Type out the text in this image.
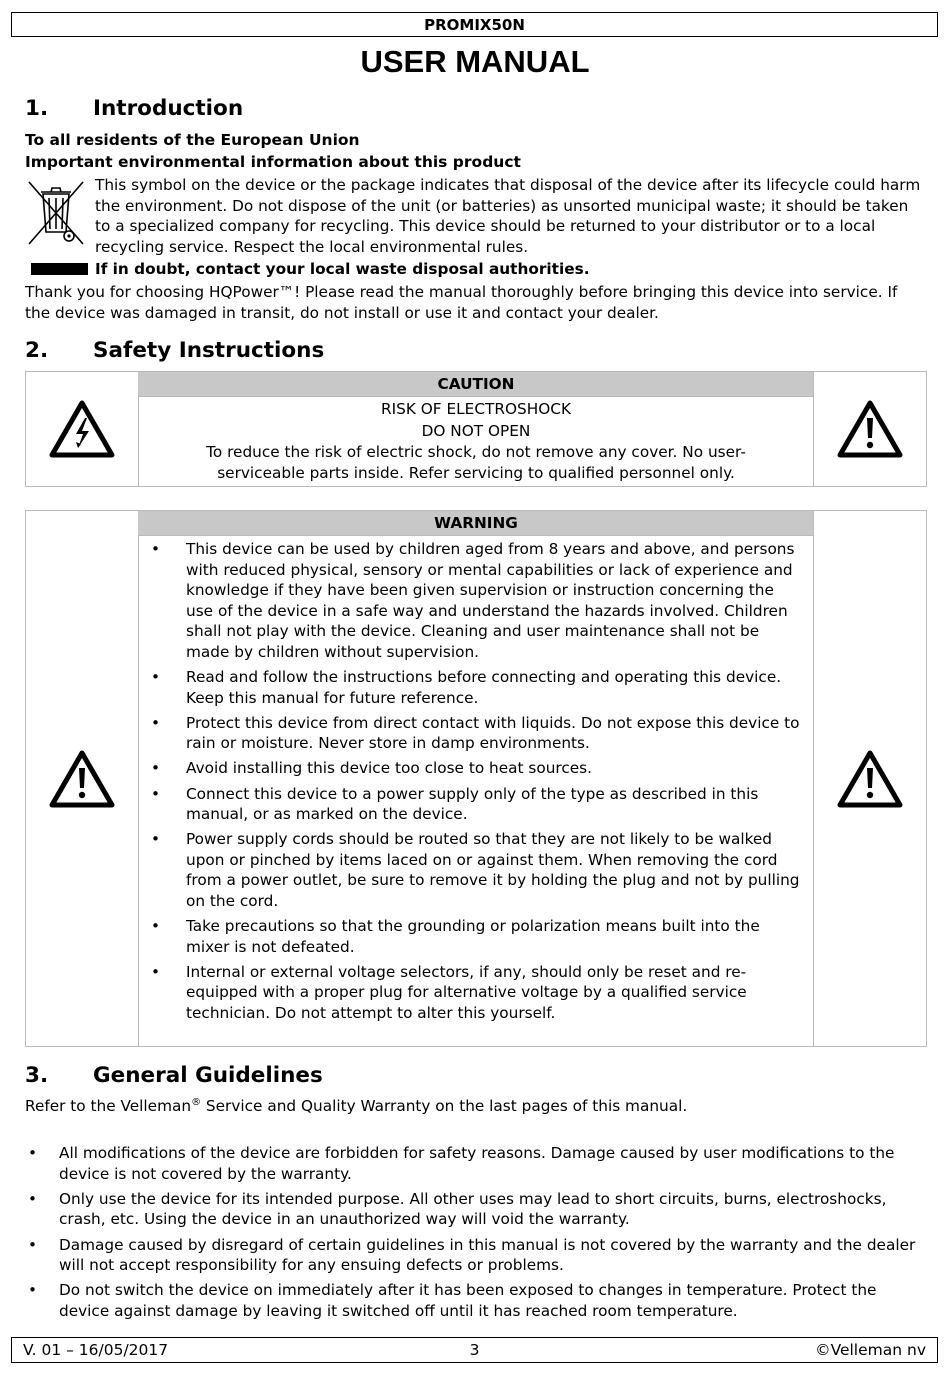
PROMIX50N
USER MANUAL
1. Introduction
To all residents of the European Union
Important environmental information about this product
This symbol on the device or the package indicates that disposal of the device after its lifecycle could harm the environment. Do not dispose of the unit (or batteries) as unsorted municipal waste; it should be taken to a specialized company for recycling. This device should be returned to your distributor or to a local recycling service. Respect the local environmental rules.
If in doubt, contact your local waste disposal authorities.
Thank you for choosing HQPower™! Please read the manual thoroughly before bringing this device into service. If the device was damaged in transit, do not install or use it and contact your dealer.
2. Safety Instructions
CAUTION
RISK OF ELECTROSHOCK
DO NOT OPEN
To reduce the risk of electric shock, do not remove any cover. No user-serviceable parts inside. Refer servicing to qualified personnel only.
WARNING
• This device can be used by children aged from 8 years and above, and persons with reduced physical, sensory or mental capabilities or lack of experience and knowledge if they have been given supervision or instruction concerning the use of the device in a safe way and understand the hazards involved. Children shall not play with the device. Cleaning and user maintenance shall not be made by children without supervision.
• Read and follow the instructions before connecting and operating this device. Keep this manual for future reference.
• Protect this device from direct contact with liquids. Do not expose this device to rain or moisture. Never store in damp environments.
• Avoid installing this device too close to heat sources.
• Connect this device to a power supply only of the type as described in this manual, or as marked on the device.
• Power supply cords should be routed so that they are not likely to be walked upon or pinched by items laced on or against them. When removing the cord from a power outlet, be sure to remove it by holding the plug and not by pulling on the cord.
• Take precautions so that the grounding or polarization means built into the mixer is not defeated.
• Internal or external voltage selectors, if any, should only be reset and re-equipped with a proper plug for alternative voltage by a qualified service technician. Do not attempt to alter this yourself.
3. General Guidelines
Refer to the Velleman® Service and Quality Warranty on the last pages of this manual.
• All modifications of the device are forbidden for safety reasons. Damage caused by user modifications to the device is not covered by the warranty.
• Only use the device for its intended purpose. All other uses may lead to short circuits, burns, electroshocks, crash, etc. Using the device in an unauthorized way will void the warranty.
• Damage caused by disregard of certain guidelines in this manual is not covered by the warranty and the dealer will not accept responsibility for any ensuing defects or problems.
• Do not switch the device on immediately after it has been exposed to changes in temperature. Protect the device against damage by leaving it switched off until it has reached room temperature.
3
V. 01 – 16/05/2017	©Velleman nv
